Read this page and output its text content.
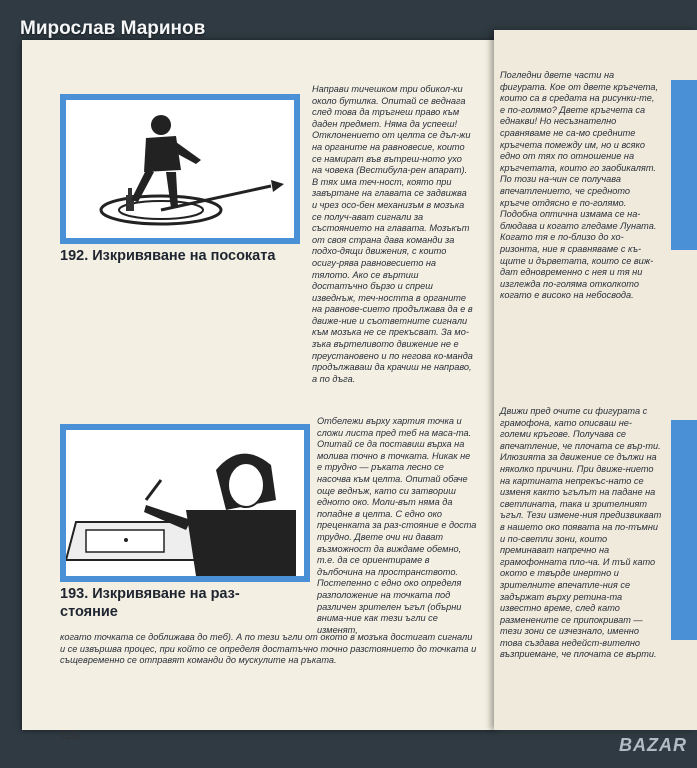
Мирослав Маринов
192. Изкривяване на посоката

Направи тичешком три обикол-ки около бутилка. Опитай се веднага след това да тръгнеш право към даден предмет. Няма да успееш! Отклонението от целта се дъл-жи на органите на равновесие, които се намират във вътреш-ното ухо на човека (Вестибула-рен апарат). В тях има теч-ност, която при завъртане на главата се задвижва и чрез осо-бен механизъм в мозъка се получ-ават сигнали за състоянието на главата. Мозъкът от своя страна дава команди за подхо-дящи движения, с които осигу-рява равновесието на тялото. Ако се въртиш достатъчно бързо и спреш изведнъж, теч-ността в органите на равнове-сието продължава да е в движе-ние и съответните сигнали към мозъка не се прекъсват. За мо-зъка въртеливото движение не е преустановено и по негова ко-манда продължаваш да крачиш не направо, а по дъга.

193. Изкривяване на раз-
стояние

Отбележи върху хартия точка и сложи листа пред теб на маса-та. Опитай се да поставиш върха на молива точно в точката. Никак не е трудно — ръката лесно се насочва към целта. Опитай обаче още веднъж, като си затвориш едното око. Моли-вът няма да попадне в целта. С едно око преценката за раз-стояние е доста трудно. Двете очи ни дават възможност да виждаме обемно, т.е. да се ориентираме в дълбочина на пространството. Постепенно с едно око определя разположение на точката под различен зрителен ъгъл (обърни внима-ние как тези ъгли се изменят,

когато точката се доближава до теб). А по тези ъгли от окото в мозъка достигат сигнали и се извършва процес, при който се определя достатъчно точно разстоянието до точката и същевременно се отправят команди до мускулите на ръката.

126

Погледни двете части на фигурата. Кое от двете кръгчета, които са в средата на рисунки-те, е по-голямо? Двете кръгчета са еднакви! Но несъзнателно сравняваме не са-мо средните кръгчета помежду им, но и всяко едно от тях по отношение на кръгчетата, които го заобикалят. По този на-чин се получава впечатлението, че средното кръгче отдясно е по-голямо. Подобна оптична измама се на-блюдава и когато гледаме Луната. Когато тя е по-близо до хо-ризонта, ние я сравняваме с къ-щите и дърветата, които се виж-дат едновременно с нея и тя ни изглежда по-голяма отколкото когато е високо на небосвода.

Движи пред очите си фигурата с грамофона, като описваш не-големи кръгове. Получава се впечатление, че плочата се вър-ти. Илюзията за движение се дължи на няколко причини. При движе-нието на картината непрекъс-нато се изменя както ъгълът на падане на светлината, така и зрителният ъгъл. Тези измене-ния предизвикват в нашето око появата на по-тъмни и по-светли зони, които преминават напречно на грамофонната пло-ча. И тъй като окото е твърде инертно и зрителните впечатле-ния се задържат върху ретина-та известно време, след като разменените се припокриват — тези зони се изчезнало, именно това създава недейст-вително възприемане, че плочата се върти.

BAZAR
